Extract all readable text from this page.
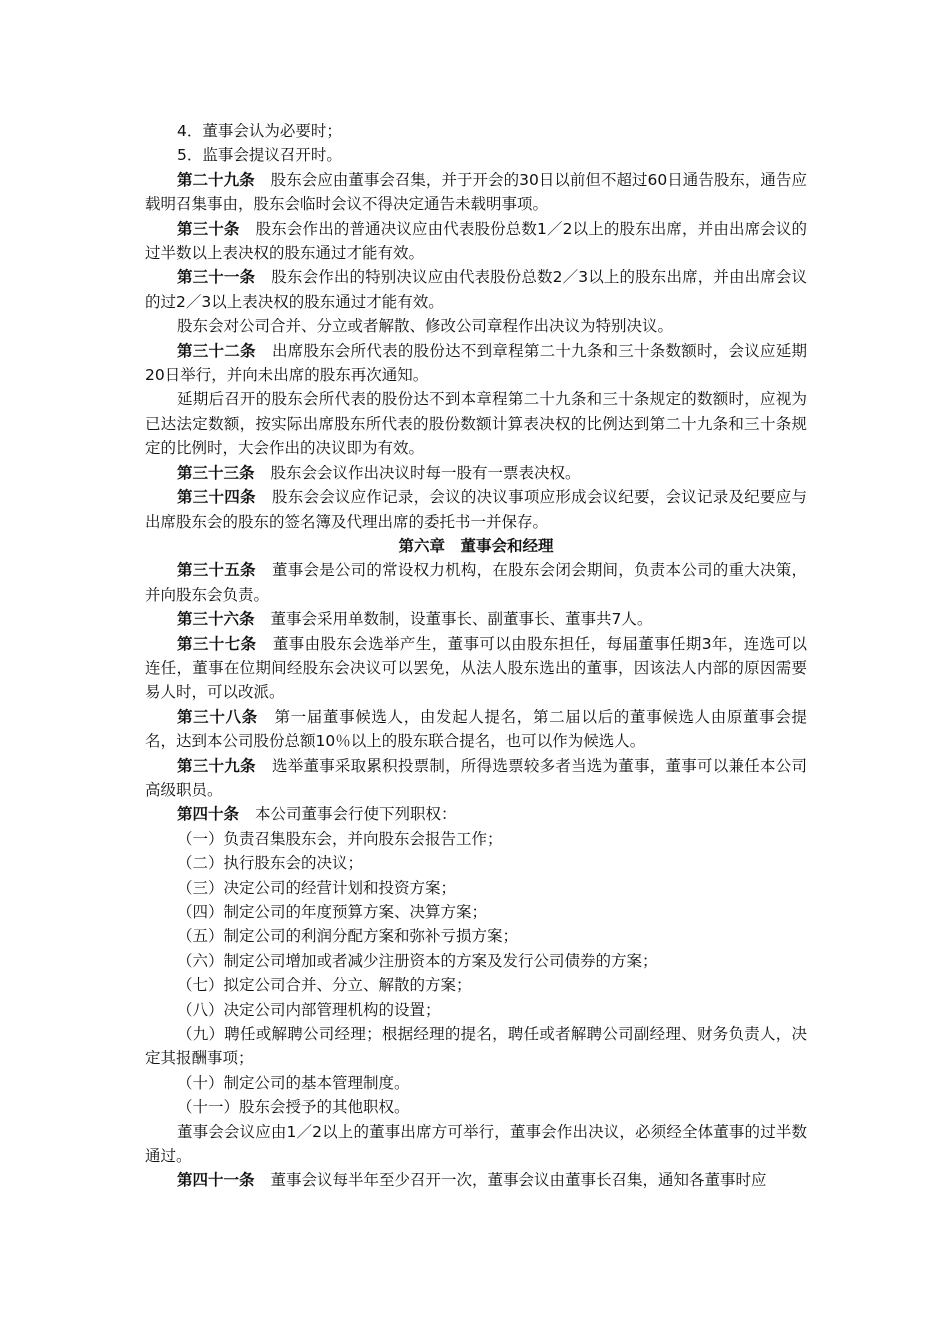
4．董事会认为必要时；

5．监事会提议召开时。

第二十九条 股东会应由董事会召集，并于开会的30日以前但不超过60日通告股东，通告应载明召集事由，股东会临时会议不得决定通告未载明事项。

第三十条 股东会作出的普通决议应由代表股份总数1／2以上的股东出席，并由出席会议的过半数以上表决权的股东通过才能有效。

第三十一条 股东会作出的特别决议应由代表股份总数2／3以上的股东出席，并由出席会议的过2／3以上表决权的股东通过才能有效。

股东会对公司合并、分立或者解散、修改公司章程作出决议为特别决议。

第三十二条 出席股东会所代表的股份达不到章程第二十九条和三十条数额时，会议应延期20日举行，并向未出席的股东再次通知。

延期后召开的股东会所代表的股份达不到本章程第二十九条和三十条规定的数额时，应视为已达法定数额，按实际出席股东所代表的股份数额计算表决权的比例达到第二十九条和三十条规定的比例时，大会作出的决议即为有效。

第三十三条 股东会会议作出决议时每一股有一票表决权。

第三十四条 股东会会议应作记录，会议的决议事项应形成会议纪要，会议记录及纪要应与出席股东会的股东的签名簿及代理出席的委托书一并保存。

第六章　董事会和经理

第三十五条 董事会是公司的常设权力机构，在股东会闭会期间，负责本公司的重大决策，并向股东会负责。

第三十六条 董事会采用单数制，设董事长、副董事长、董事共7人。

第三十七条 董事由股东会选举产生，董事可以由股东担任，每届董事任期3年，连选可以连任，董事在位期间经股东会决议可以罢免，从法人股东选出的董事，因该法人内部的原因需要易人时，可以改派。

第三十八条 第一届董事候选人，由发起人提名，第二届以后的董事候选人由原董事会提名，达到本公司股份总额10％以上的股东联合提名，也可以作为候选人。

第三十九条 选举董事采取累积投票制，所得选票较多者当选为董事，董事可以兼任本公司高级职员。

第四十条 本公司董事会行使下列职权：

（一）负责召集股东会，并向股东会报告工作；

（二）执行股东会的决议；

（三）决定公司的经营计划和投资方案；

（四）制定公司的年度预算方案、决算方案；

（五）制定公司的利润分配方案和弥补亏损方案；

（六）制定公司增加或者减少注册资本的方案及发行公司债券的方案；

（七）拟定公司合并、分立、解散的方案；

（八）决定公司内部管理机构的设置；

（九）聘任或解聘公司经理；根据经理的提名，聘任或者解聘公司副经理、财务负责人，决定其报酬事项；

（十）制定公司的基本管理制度。

（十一）股东会授予的其他职权。

董事会会议应由1／2以上的董事出席方可举行，董事会作出决议，必须经全体董事的过半数通过。

第四十一条 董事会议每半年至少召开一次，董事会议由董事长召集，通知各董事时应
